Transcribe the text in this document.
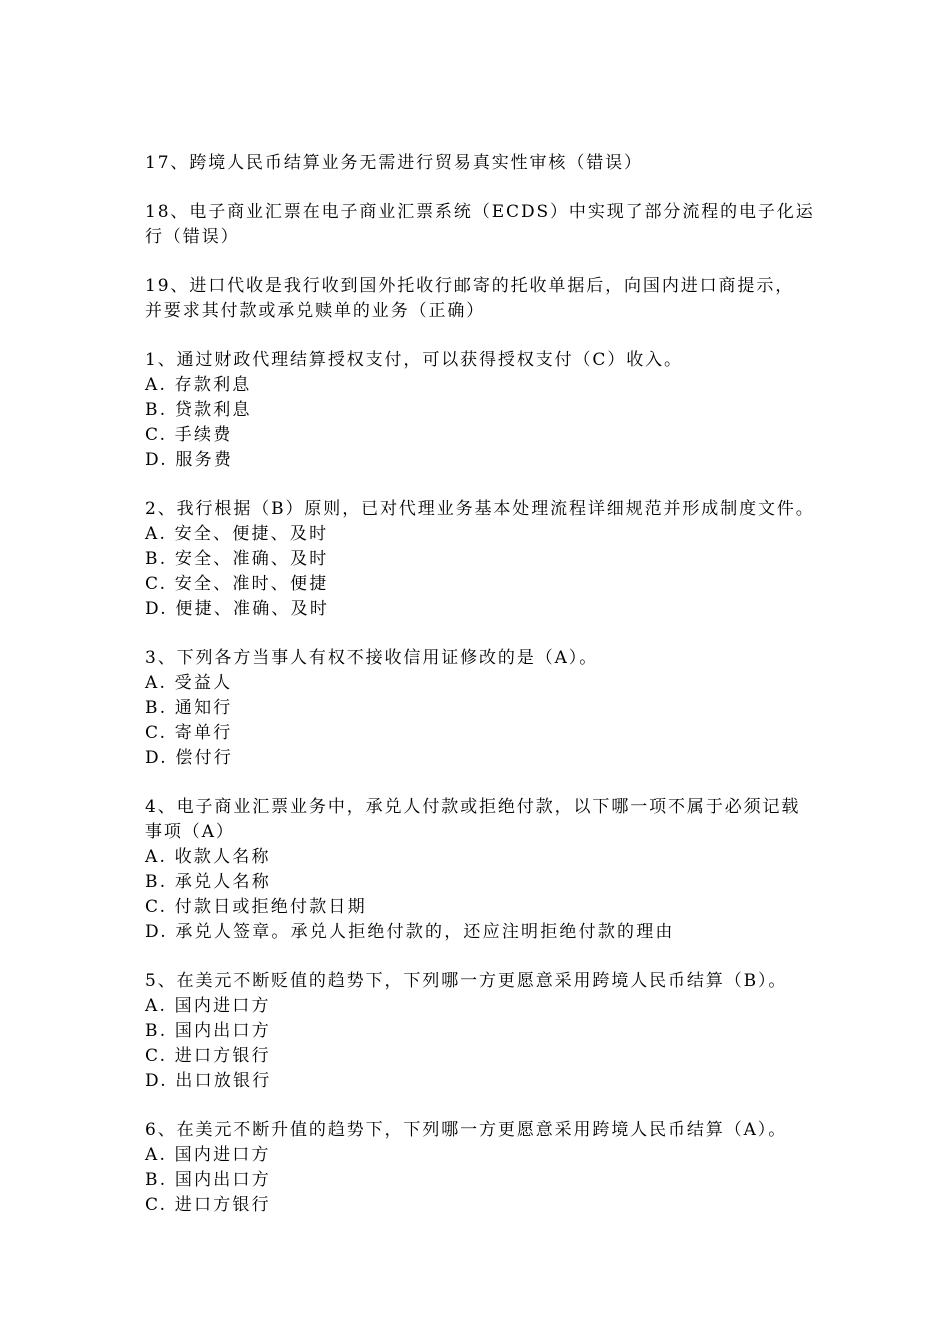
17、跨境人民币结算业务无需进行贸易真实性审核（错误）
18、电子商业汇票在电子商业汇票系统（ECDS）中实现了部分流程的电子化运
行（错误）
19、进口代收是我行收到国外托收行邮寄的托收单据后，向国内进口商提示，
并要求其付款或承兑赎单的业务（正确）
1、通过财政代理结算授权支付，可以获得授权支付（C）收入。
A. 存款利息
B. 贷款利息
C. 手续费
D. 服务费
2、我行根据（B）原则，已对代理业务基本处理流程详细规范并形成制度文件。
A. 安全、便捷、及时
B. 安全、准确、及时
C. 安全、准时、便捷
D. 便捷、准确、及时
3、下列各方当事人有权不接收信用证修改的是（A）。
A. 受益人
B. 通知行
C. 寄单行
D. 偿付行
4、电子商业汇票业务中，承兑人付款或拒绝付款，以下哪一项不属于必须记载
事项（A）
A. 收款人名称
B. 承兑人名称
C. 付款日或拒绝付款日期
D. 承兑人签章。承兑人拒绝付款的，还应注明拒绝付款的理由
5、在美元不断贬值的趋势下，下列哪一方更愿意采用跨境人民币结算（B）。
A. 国内进口方
B. 国内出口方
C. 进口方银行
D. 出口放银行
6、在美元不断升值的趋势下，下列哪一方更愿意采用跨境人民币结算（A）。
A. 国内进口方
B. 国内出口方
C. 进口方银行
